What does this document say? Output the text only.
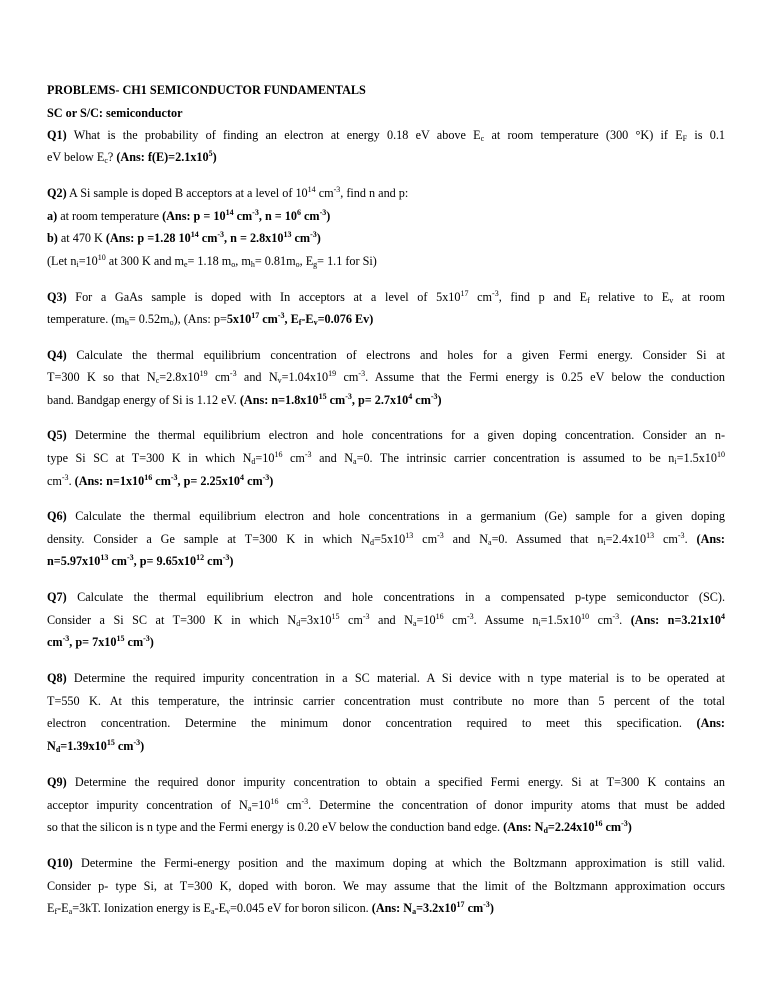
PROBLEMS- CH1 SEMICONDUCTOR FUNDAMENTALS
SC or S/C: semiconductor
Q1) What is the probability of finding an electron at energy 0.18 eV above $E_c$ at room temperature (300 °K) if $E_F$ is 0.1
eV below $E_c$? (Ans: $f(E)=2.1x10^5$)
Q2) A Si sample is doped B acceptors at a level of $10^{14}$ $cm^{-3}$, find n and p:
a) at room temperature (Ans: $p = 10^{14}$ $cm^{-3}$, $n = 10^6$ $cm^{-3}$)
b) at 470 K (Ans: p =1.28 $10^{14}$ $cm^{-3}$, $n = 2.8x10^{13}$ $cm^{-3}$)
(Let $n_i=10^{10}$ at 300 K and $m_e= 1.18$ $m_o$, $m_h= 0.81m_o$, $E_g= 1.1$ for Si)
Q3) For a GaAs sample is doped with In acceptors at a level of $5x10^{17}$ $cm^{-3}$, find p and $E_f$ relative to $E_v$ at room
temperature. $(m_h= 0.52m_o)$, (Ans: $p=5x10^{17}$ $cm^{-3}$, $E_f-E_v=0.076$ Ev)
Q4) Calculate the thermal equilibrium concentration of electrons and holes for a given Fermi energy. Consider Si at
T=300 K so that $N_c=2.8x10^{19}$ $cm^{-3}$ and $N_v=1.04x10^{19}$ $cm^{-3}$. Assume that the Fermi energy is 0.25 eV below the conduction
band. Bandgap energy of Si is 1.12 eV. (Ans: $n=1.8x10^{15}$ $cm^{-3}$, $p= 2.7x10^4$ $cm^{-3}$)
Q5) Determine the thermal equilibrium electron and hole concentrations for a given doping concentration. Consider an n-
type Si SC at T=300 K in which $N_d=10^{16}$ $cm^{-3}$ and $N_a=0$. The intrinsic carrier concentration is assumed to be $n_i=1.5x10^{10}$
$cm^{-3}$. (Ans: $n=1x10^{16}$ $cm^{-3}$, $p= 2.25x10^4$ $cm^{-3}$)
Q6) Calculate the thermal equilibrium electron and hole concentrations in a germanium (Ge) sample for a given doping
density. Consider a Ge sample at T=300 K in which $N_d=5x10^{13}$ $cm^{-3}$ and $N_a=0$. Assumed that $n_i=2.4x10^{13}$ $cm^{-3}$. (Ans:
$n=5.97x10^{13}$ $cm^{-3}$, $p= 9.65x10^{12}$ $cm^{-3}$)
Q7) Calculate the thermal equilibrium electron and hole concentrations in a compensated p-type semiconductor (SC).
Consider a Si SC at T=300 K in which $N_d=3x10^{15}$ $cm^{-3}$ and $N_a=10^{16}$ $cm^{-3}$. Assume $n_i=1.5x10^{10}$ $cm^{-3}$. (Ans: $n=3.21x10^4$
$cm^{-3}$, $p= 7x10^{15}$ $cm^{-3}$)
Q8) Determine the required impurity concentration in a SC material. A Si device with n type material is to be operated at
T=550 K. At this temperature, the intrinsic carrier concentration must contribute no more than 5 percent of the total
electron concentration. Determine the minimum donor concentration required to meet this specification. (Ans:
$N_d=1.39x10^{15}$ $cm^{-3}$)
Q9) Determine the required donor impurity concentration to obtain a specified Fermi energy. Si at T=300 K contains an
acceptor impurity concentration of $N_a=10^{16}$ $cm^{-3}$. Determine the concentration of donor impurity atoms that must be added
so that the silicon is n type and the Fermi energy is 0.20 eV below the conduction band edge. (Ans: $N_d=2.24x10^{16}$ $cm^{-3}$)
Q10) Determine the Fermi-energy position and the maximum doping at which the Boltzmann approximation is still valid.
Consider p- type Si, at T=300 K, doped with boron. We may assume that the limit of the Boltzmann approximation occurs
$E_f-E_a=3kT$. Ionization energy is $E_a-E_v=0.045$ eV for boron silicon. (Ans: $N_a=3.2x10^{17}$ $cm^{-3}$)
